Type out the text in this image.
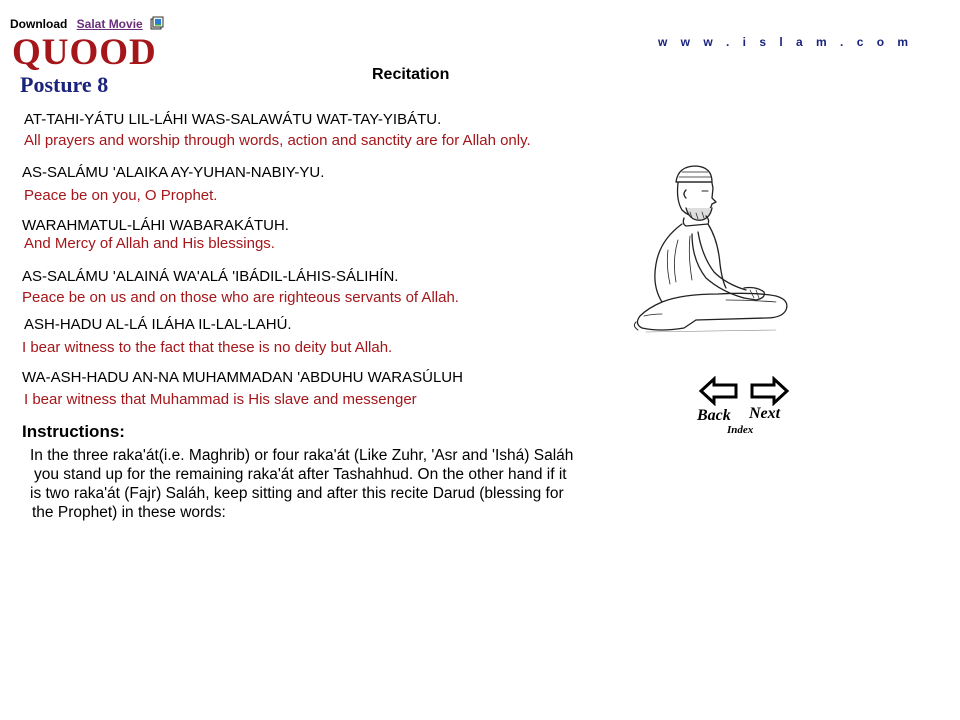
Download Salat Movie
w w w . i s l a m . c o m
QUOOD
Posture 8	Recitation
AT-TAHI-YÁTU LIL-LÁHI WAS-SALAWÁTU WAT-TAY-YIBÁTU.
All prayers and worship through words, action and sanctity are for Allah only.
AS-SALÁMU 'ALAIKA AY-YUHAN-NABIY-YU.
Peace be on you, O Prophet.
WARAHMATUL-LÁHI WABARAKÁTUH.
And Mercy of Allah and His blessings.
AS-SALÁMU 'ALAINÁ WA'ALÁ 'IBÁDIL-LÁHIS-SÁLIHÍN.
Peace be on us and on those who are righteous servants of Allah.
ASH-HADU AL-LÁ ILÁHA IL-LAL-LAHÚ.
I bear witness to the fact that these is no deity but Allah.
WA-ASH-HADU AN-NA MUHAMMADAN 'ABDUHU WARASÚLUH
I bear witness that Muhammad is His slave and messenger
Instructions:
In the three raka'át(i.e. Maghrib) or four raka'át (Like Zuhr, 'Asr and 'Ishá) Saláh
you stand up for the remaining raka'át after Tashahhud. On the other hand if it
is two raka'át (Fajr) Saláh, keep sitting and after this recite Darud (blessing for
the Prophet) in these words:
Back Next
Index
